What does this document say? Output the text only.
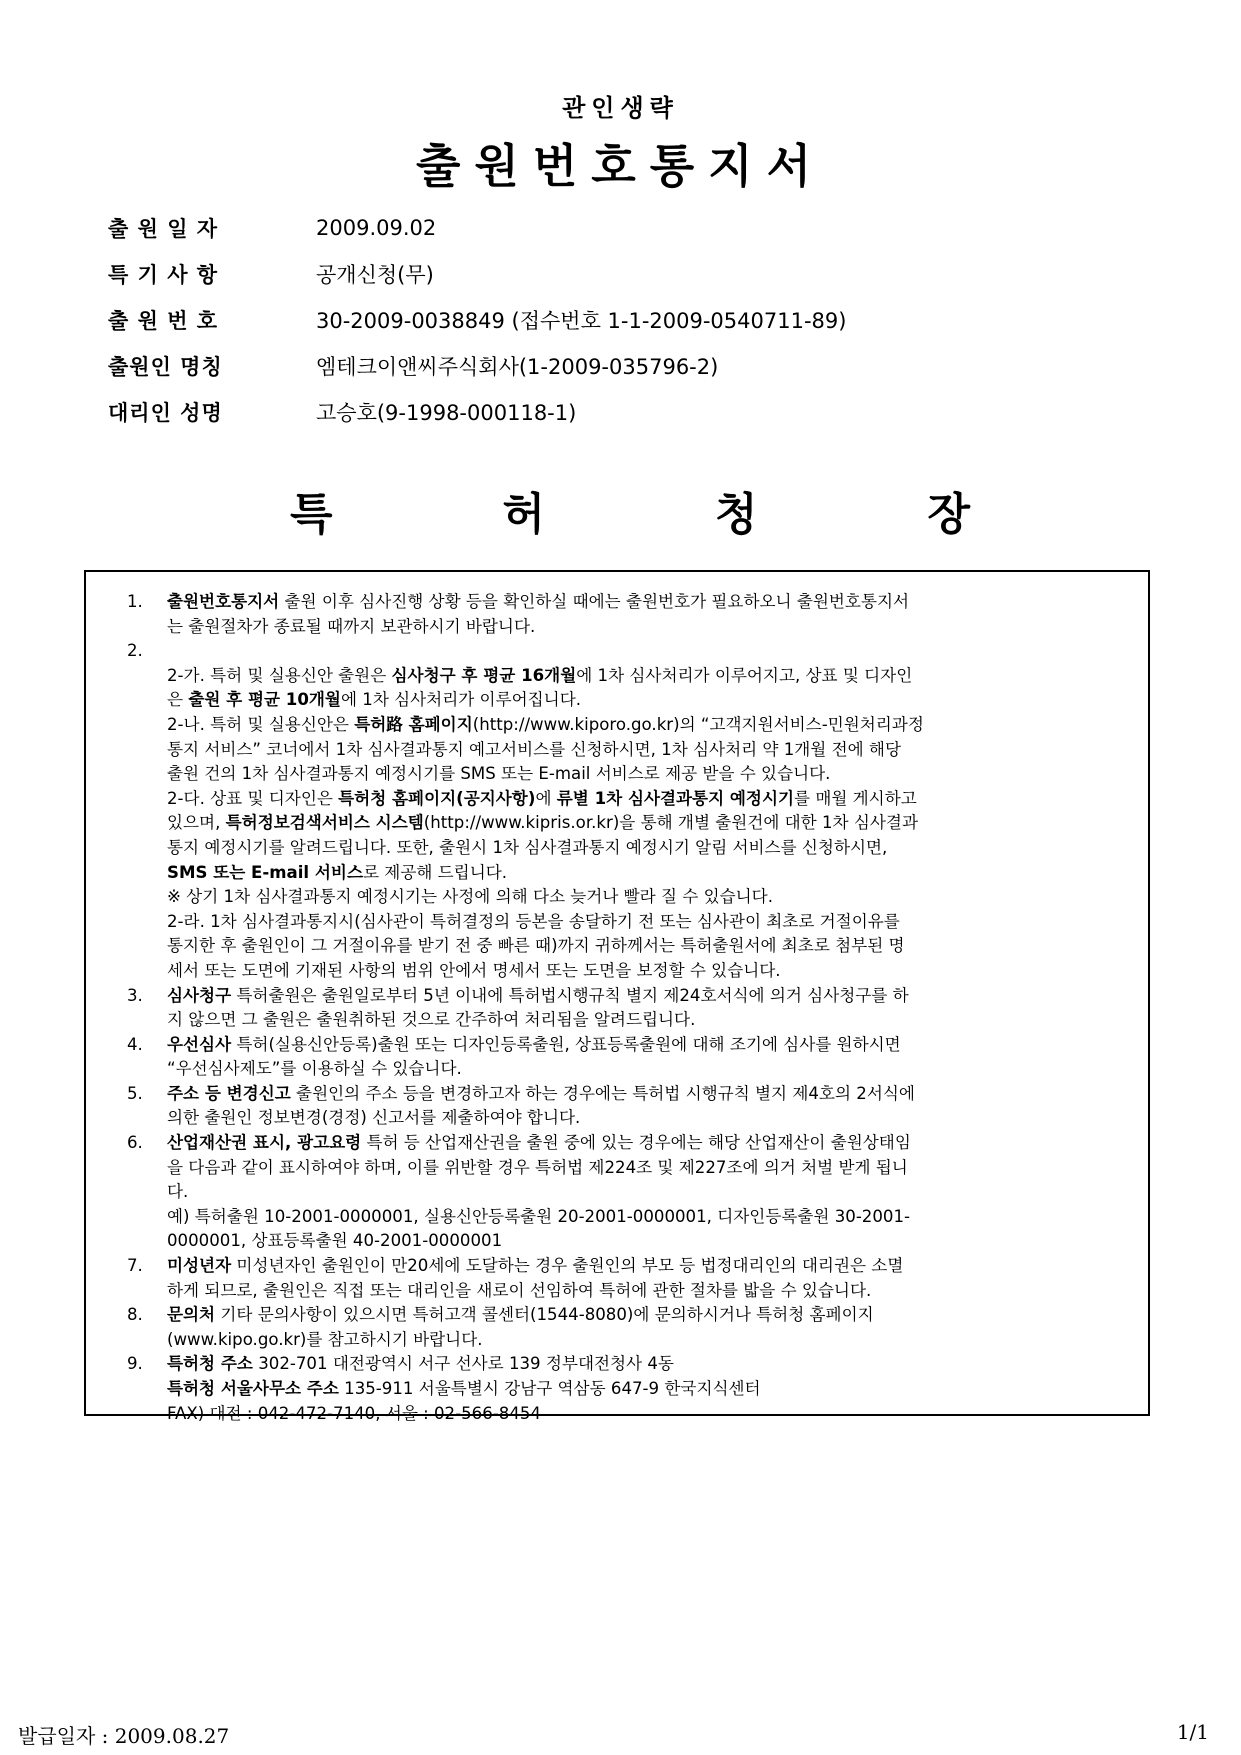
관인생략
출원번호통지서
출 원 일 자	2009.09.02
특 기 사 항	공개신청(무)
출 원 번 호	30-2009-0038849 (접수번호 1-1-2009-0540711-89)
출원인 명칭	엠테크이앤씨주식회사(1-2009-035796-2)
대리인 성명	고승호(9-1998-000118-1)
특	허	청	장
1.	출원번호통지서 출원 이후 심사진행 상황 등을 확인하실 때에는 출원번호가 필요하오니 출원번호통지서
는 출원절차가 종료될 때까지 보관하시기 바랍니다.
2.

2-가. 특허 및 실용신안 출원은 심사청구 후 평균 16개월에 1차 심사처리가 이루어지고, 상표 및 디자인
은 출원 후 평균 10개월에 1차 심사처리가 이루어집니다.
2-나. 특허 및 실용신안은 특허路 홈페이지(http://www.kiporo.go.kr)의 “고객지원서비스-민원처리과정
통지 서비스” 코너에서 1차 심사결과통지 예고서비스를 신청하시면, 1차 심사처리 약 1개월 전에 해당
출원 건의 1차 심사결과통지 예정시기를 SMS 또는 E-mail 서비스로 제공 받을 수 있습니다.
2-다. 상표 및 디자인은 특허청 홈페이지(공지사항)에 류별 1차 심사결과통지 예정시기를 매월 게시하고
있으며, 특허정보검색서비스 시스템(http://www.kipris.or.kr)을 통해 개별 출원건에 대한 1차 심사결과
통지 예정시기를 알려드립니다. 또한, 출원시 1차 심사결과통지 예정시기 알림 서비스를 신청하시면,
SMS 또는 E-mail 서비스로 제공해 드립니다.
※ 상기 1차 심사결과통지 예정시기는 사정에 의해 다소 늦거나 빨라 질 수 있습니다.
2-라. 1차 심사결과통지시(심사관이 특허결정의 등본을 송달하기 전 또는 심사관이 최초로 거절이유를
통지한 후 출원인이 그 거절이유를 받기 전 중 빠른 때)까지 귀하께서는 특허출원서에 최초로 첨부된 명
세서 또는 도면에 기재된 사항의 범위 안에서 명세서 또는 도면을 보정할 수 있습니다.
3.	심사청구 특허출원은 출원일로부터 5년 이내에 특허법시행규칙 별지 제24호서식에 의거 심사청구를 하
지 않으면 그 출원은 출원취하된 것으로 간주하여 처리됨을 알려드립니다.
4.	우선심사 특허(실용신안등록)출원 또는 디자인등록출원, 상표등록출원에 대해 조기에 심사를 원하시면
“우선심사제도”를 이용하실 수 있습니다.
5.	주소 등 변경신고 출원인의 주소 등을 변경하고자 하는 경우에는 특허법 시행규칙 별지 제4호의 2서식에
의한 출원인 정보변경(경정) 신고서를 제출하여야 합니다.
6.	산업재산권 표시, 광고요령 특허 등 산업재산권을 출원 중에 있는 경우에는 해당 산업재산이 출원상태임
을 다음과 같이 표시하여야 하며, 이를 위반할 경우 특허법 제224조 및 제227조에 의거 처벌 받게 됩니
다.
예) 특허출원 10-2001-0000001, 실용신안등록출원 20-2001-0000001, 디자인등록출원 30-2001-
0000001, 상표등록출원 40-2001-0000001
7.	미성년자 미성년자인 출원인이 만20세에 도달하는 경우 출원인의 부모 등 법정대리인의 대리권은 소멸
하게 되므로, 출원인은 직접 또는 대리인을 새로이 선임하여 특허에 관한 절차를 밟을 수 있습니다.
8.	문의처 기타 문의사항이 있으시면 특허고객 콜센터(1544-8080)에 문의하시거나 특허청 홈페이지
(www.kipo.go.kr)를 참고하시기 바랍니다.
9.	특허청 주소 302-701 대전광역시 서구 선사로 139 정부대전청사 4동
특허청 서울사무소 주소 135-911 서울특별시 강남구 역삼동 647-9 한국지식센터
FAX) 대전 : 042-472-7140, 서울 : 02-566-8454
발급일자 : 2009.08.27	1/1
